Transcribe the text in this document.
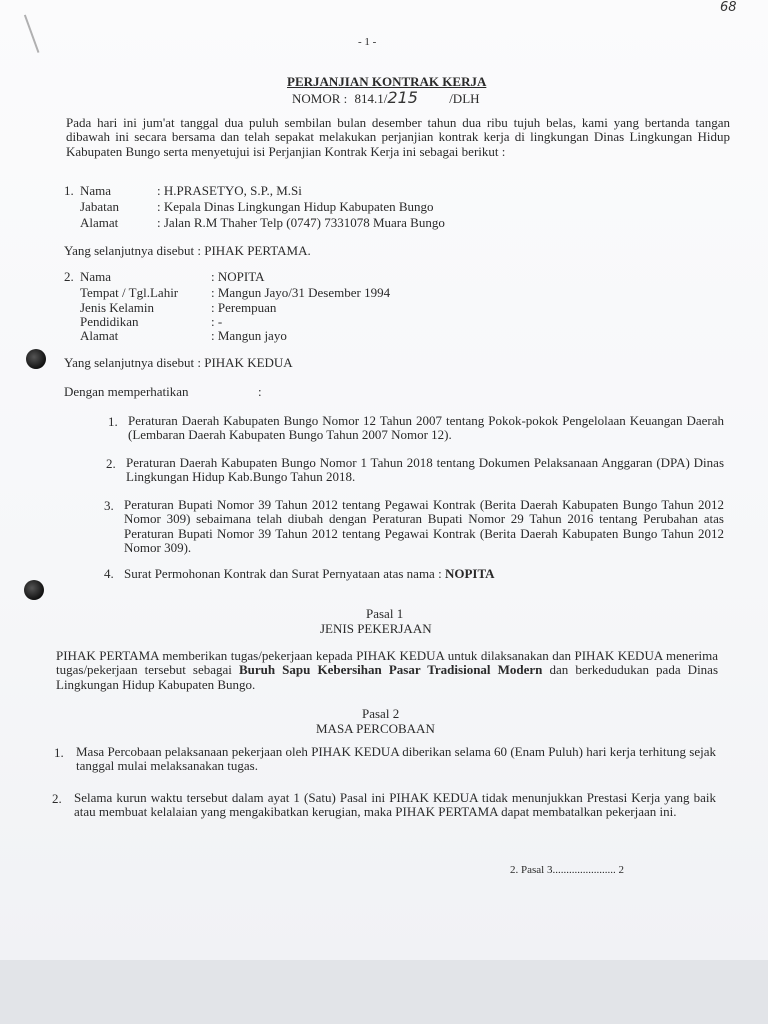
68
- 1 -
PERJANJIAN KONTRAK KERJA
NOMOR : 814.1/215 /DLH

Pada hari ini jum'at tanggal dua puluh sembilan bulan desember tahun dua ribu tujuh belas, kami yang bertanda tangan dibawah ini secara bersama dan telah sepakat melakukan perjanjian kontrak kerja di lingkungan Dinas Lingkungan Hidup Kabupaten Bungo serta menyetujui isi Perjanjian Kontrak Kerja ini sebagai berikut :

1. Nama	: H.PRASETYO, S.P., M.Si
Jabatan	: Kepala Dinas Lingkungan Hidup Kabupaten Bungo
Alamat	: Jalan R.M Thaher Telp (0747) 7331078 Muara Bungo
Yang selanjutnya disebut : PIHAK PERTAMA.
2. Nama	: NOPITA
Tempat / Tgl.Lahir	: Mangun Jayo/31 Desember 1994
Jenis Kelamin	: Perempuan
Pendidikan	: -
Alamat	: Mangun jayo
Yang selanjutnya disebut : PIHAK KEDUA
Dengan memperhatikan	:
1. Peraturan Daerah Kabupaten Bungo Nomor 12 Tahun 2007 tentang Pokok-pokok Pengelolaan Keuangan Daerah (Lembaran Daerah Kabupaten Bungo Tahun 2007 Nomor 12).

2. Peraturan Daerah Kabupaten Bungo Nomor 1 Tahun 2018 tentang Dokumen Pelaksanaan Anggaran (DPA) Dinas Lingkungan Hidup Kab.Bungo Tahun 2018.

3. Peraturan Bupati Nomor 39 Tahun 2012 tentang Pegawai Kontrak (Berita Daerah Kabupaten Bungo Tahun 2012 Nomor 309) sebaimana telah diubah dengan Peraturan Bupati Nomor 29 Tahun 2016 tentang Perubahan atas Peraturan Bupati Nomor 39 Tahun 2012 tentang Pegawai Kontrak (Berita Daerah Kabupaten Bungo Tahun 2012 Nomor 309).

4. Surat Permohonan Kontrak dan Surat Pernyataan atas nama : NOPITA
Pasal 1
JENIS PEKERJAAN

PIHAK PERTAMA memberikan tugas/pekerjaan kepada PIHAK KEDUA untuk dilaksanakan dan PIHAK KEDUA menerima tugas/pekerjaan tersebut sebagai Buruh Sapu Kebersihan Pasar Tradisional Modern dan berkedudukan pada Dinas Lingkungan Hidup Kabupaten Bungo.

Pasal 2
MASA PERCOBAAN
1. Masa Percobaan pelaksanaan pekerjaan oleh PIHAK KEDUA diberikan selama 60 (Enam Puluh) hari kerja terhitung sejak tanggal mulai melaksanakan tugas.

2. Selama kurun waktu tersebut dalam ayat 1 (Satu) Pasal ini PIHAK KEDUA tidak menunjukkan Prestasi Kerja yang baik atau membuat kelalaian yang mengakibatkan kerugian, maka PIHAK PERTAMA dapat membatalkan pekerjaan ini.

2. Pasal 3....................... 2
